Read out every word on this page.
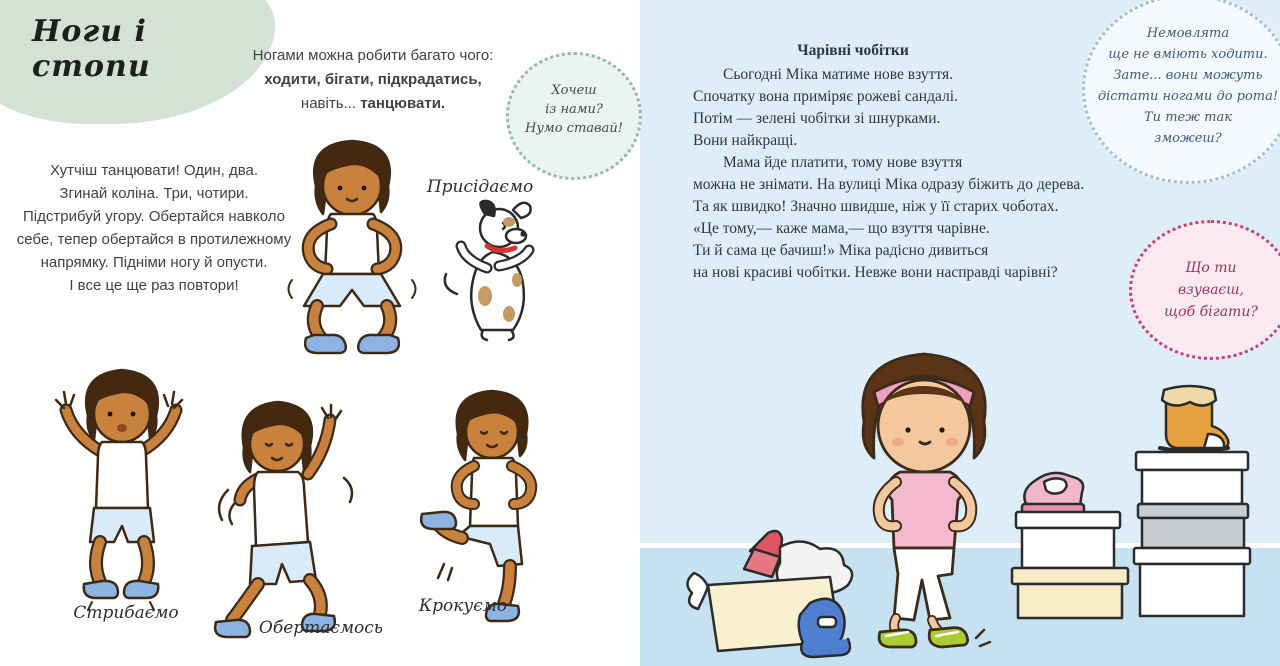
Ноги і стопи	Ногами можна робити багато чого:
ходити, бігати, підкрадатись,
навіть... танцювати.
Хочеш
із нами?
Нумо ставай!
Хутчіш танцювати! Один, два.
Згинай коліна. Три, чотири.
Підстрибуй угору. Обертайся навколо
себе, тепер обертайся в протилежному
напрямку. Підніми ногу й опусти.
І все це ще раз повтори!
Присідаємо
Стрибаємо
Обертаємось
Крокуємо
Чарівні чобітки
Сьогодні Міка матиме нове взуття.
Спочатку вона приміряє рожеві сандалі.
Потім — зелені чобітки зі шнурками.
Вони найкращі.
Мама йде платити, тому нове взуття
можна не знімати. На вулиці Міка одразу біжить до дерева.
Та як швидко! Значно швидше, ніж у її старих чоботах.
«Це тому,— каже мама,— що взуття чарівне.
Ти й сама це бачиш!» Міка радісно дивиться
на нові красиві чобітки. Невже вони насправді чарівні?
Немовлята
ще не вміють ходити.
Зате... вони можуть
дістати ногами до рота!
Ти теж так
зможеш?
Що ти
взуваєш,
щоб бігати?
